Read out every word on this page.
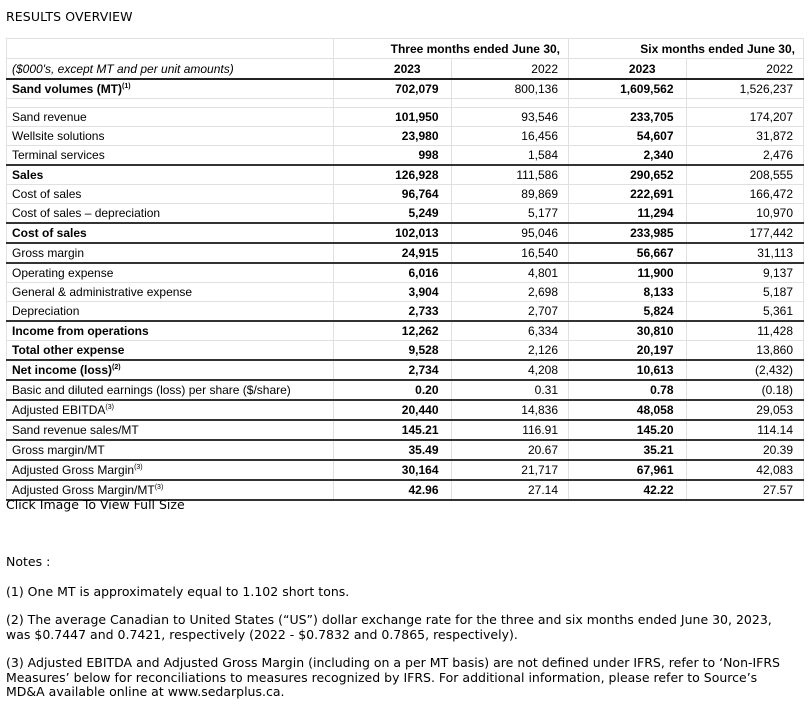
RESULTS OVERVIEW
	Three months ended June 30,		Six months ended June 30,	
($000's, except MT and per unit amounts)	2023	2022	2023	2022
Sand volumes (MT)$^{(1)}$	702,079	800,136	1,609,562	1,526,237

Sand revenue	101,950	93,546	233,705	174,207
Wellsite solutions	23,980	16,456	54,607	31,872
Terminal services	998	1,584	2,340	2,476
Sales	126,928	111,586	290,652	208,555
Cost of sales	96,764	89,869	222,691	166,472
Cost of sales – depreciation	5,249	5,177	11,294	10,970
Cost of sales	102,013	95,046	233,985	177,442
Gross margin	24,915	16,540	56,667	31,113
Operating expense	6,016	4,801	11,900	9,137
General & administrative expense	3,904	2,698	8,133	5,187
Depreciation	2,733	2,707	5,824	5,361
Income from operations	12,262	6,334	30,810	11,428
Total other expense	9,528	2,126	20,197	13,860
Net income (loss)$^{(2)}$	2,734	4,208	10,613	(2,432)
Basic and diluted earnings (loss) per share ($/share)	0.20	0.31	0.78	(0.18)
Adjusted EBITDA$^{(3)}$	20,440	14,836	48,058	29,053
Sand revenue sales/MT	145.21	116.91	145.20	114.14
Gross margin/MT	35.49	20.67	35.21	20.39
Adjusted Gross Margin$^{(3)}$	30,164	21,717	67,961	42,083
Adjusted Gross Margin/MT$^{(3)}$	42.96	27.14	42.22	27.57
Click Image To View Full Size

Notes :

(1) One MT is approximately equal to 1.102 short tons.

(2) The average Canadian to United States (“US”) dollar exchange rate for the three and six months ended June 30, 2023, was $0.7447 and 0.7421, respectively (2022 - $0.7832 and 0.7865, respectively).

(3) Adjusted EBITDA and Adjusted Gross Margin (including on a per MT basis) are not defined under IFRS, refer to ‘Non-IFRS Measures’ below for reconciliations to measures recognized by IFRS. For additional information, please refer to Source’s MD&A available online at www.sedarplus.ca.
